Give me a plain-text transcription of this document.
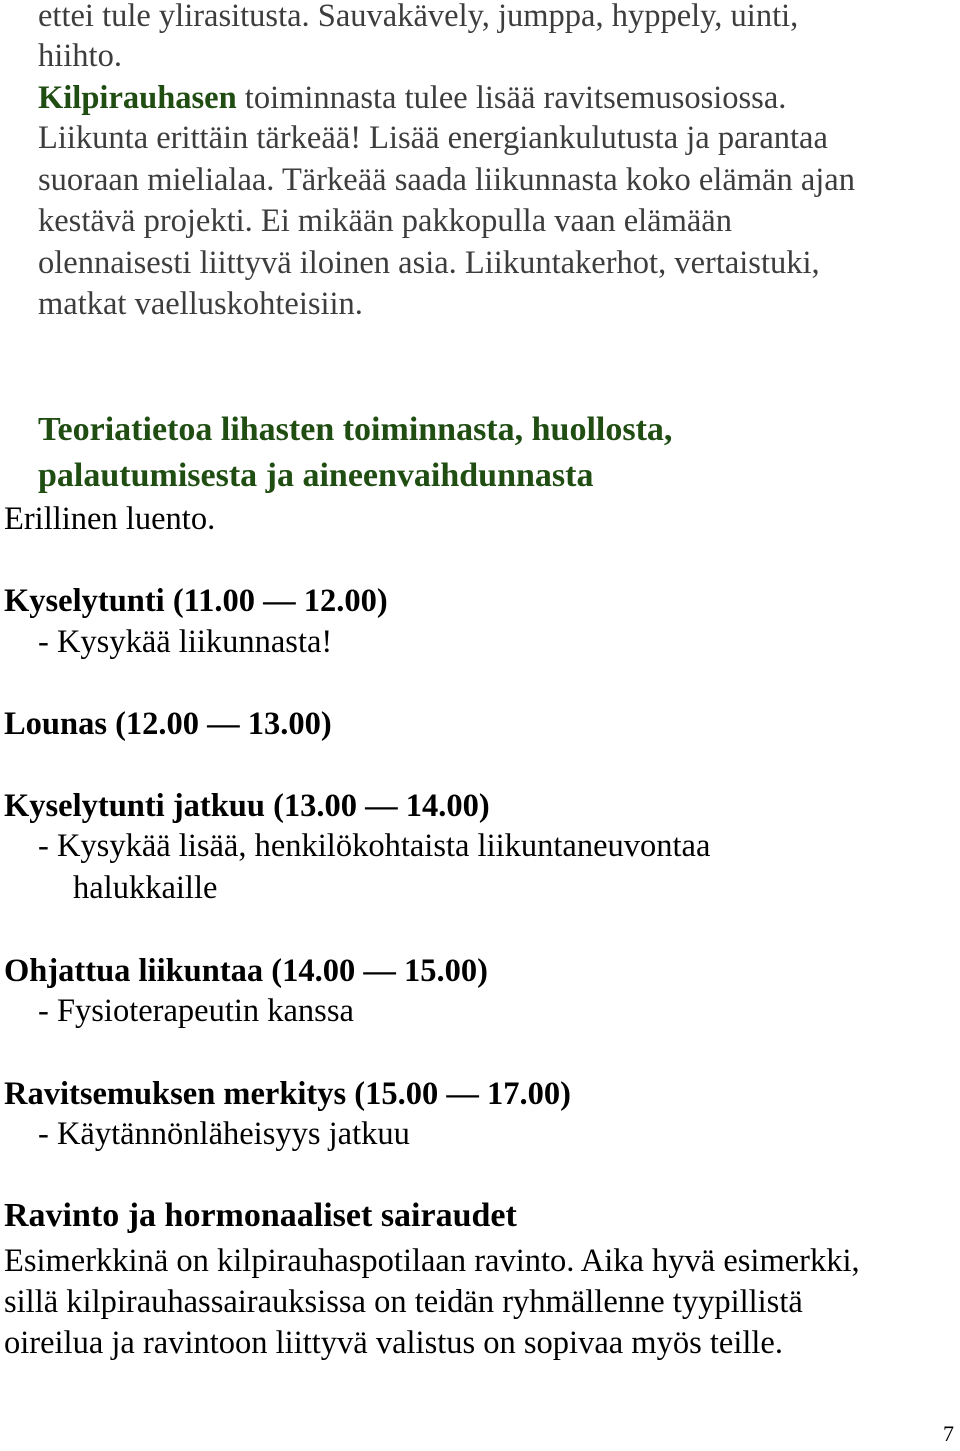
ettei tule ylirasitusta. Sauvakävely, jumppa, hyppely, uinti,
hiihto.
Kilpirauhasen toiminnasta tulee lisää ravitsemusosiossa.
Liikunta erittäin tärkeää! Lisää energiankulutusta ja parantaa
suoraan mielialaa. Tärkeää saada liikunnasta koko elämän ajan
kestävä projekti. Ei mikään pakkopulla vaan elämään
olennaisesti liittyvä iloinen asia. Liikuntakerhot, vertaistuki,
matkat vaelluskohteisiin.
Teoriatietoa lihasten toiminnasta, huollosta,
palautumisesta ja aineenvaihdunnasta
Erillinen luento.
Kyselytunti (11.00 — 12.00)
- Kysykää liikunnasta!
Lounas (12.00 — 13.00)
Kyselytunti jatkuu (13.00 — 14.00)
- Kysykää lisää, henkilökohtaista liikuntaneuvontaa
halukkaille
Ohjattua liikuntaa (14.00 — 15.00)
- Fysioterapeutin kanssa
Ravitsemuksen merkitys (15.00 — 17.00)
- Käytännönläheisyys jatkuu
Ravinto ja hormonaaliset sairaudet
Esimerkkinä on kilpirauhaspotilaan ravinto. Aika hyvä esimerkki,
sillä kilpirauhassairauksissa on teidän ryhmällenne tyypillistä
oireilua ja ravintoon liittyvä valistus on sopivaa myös teille.
7
